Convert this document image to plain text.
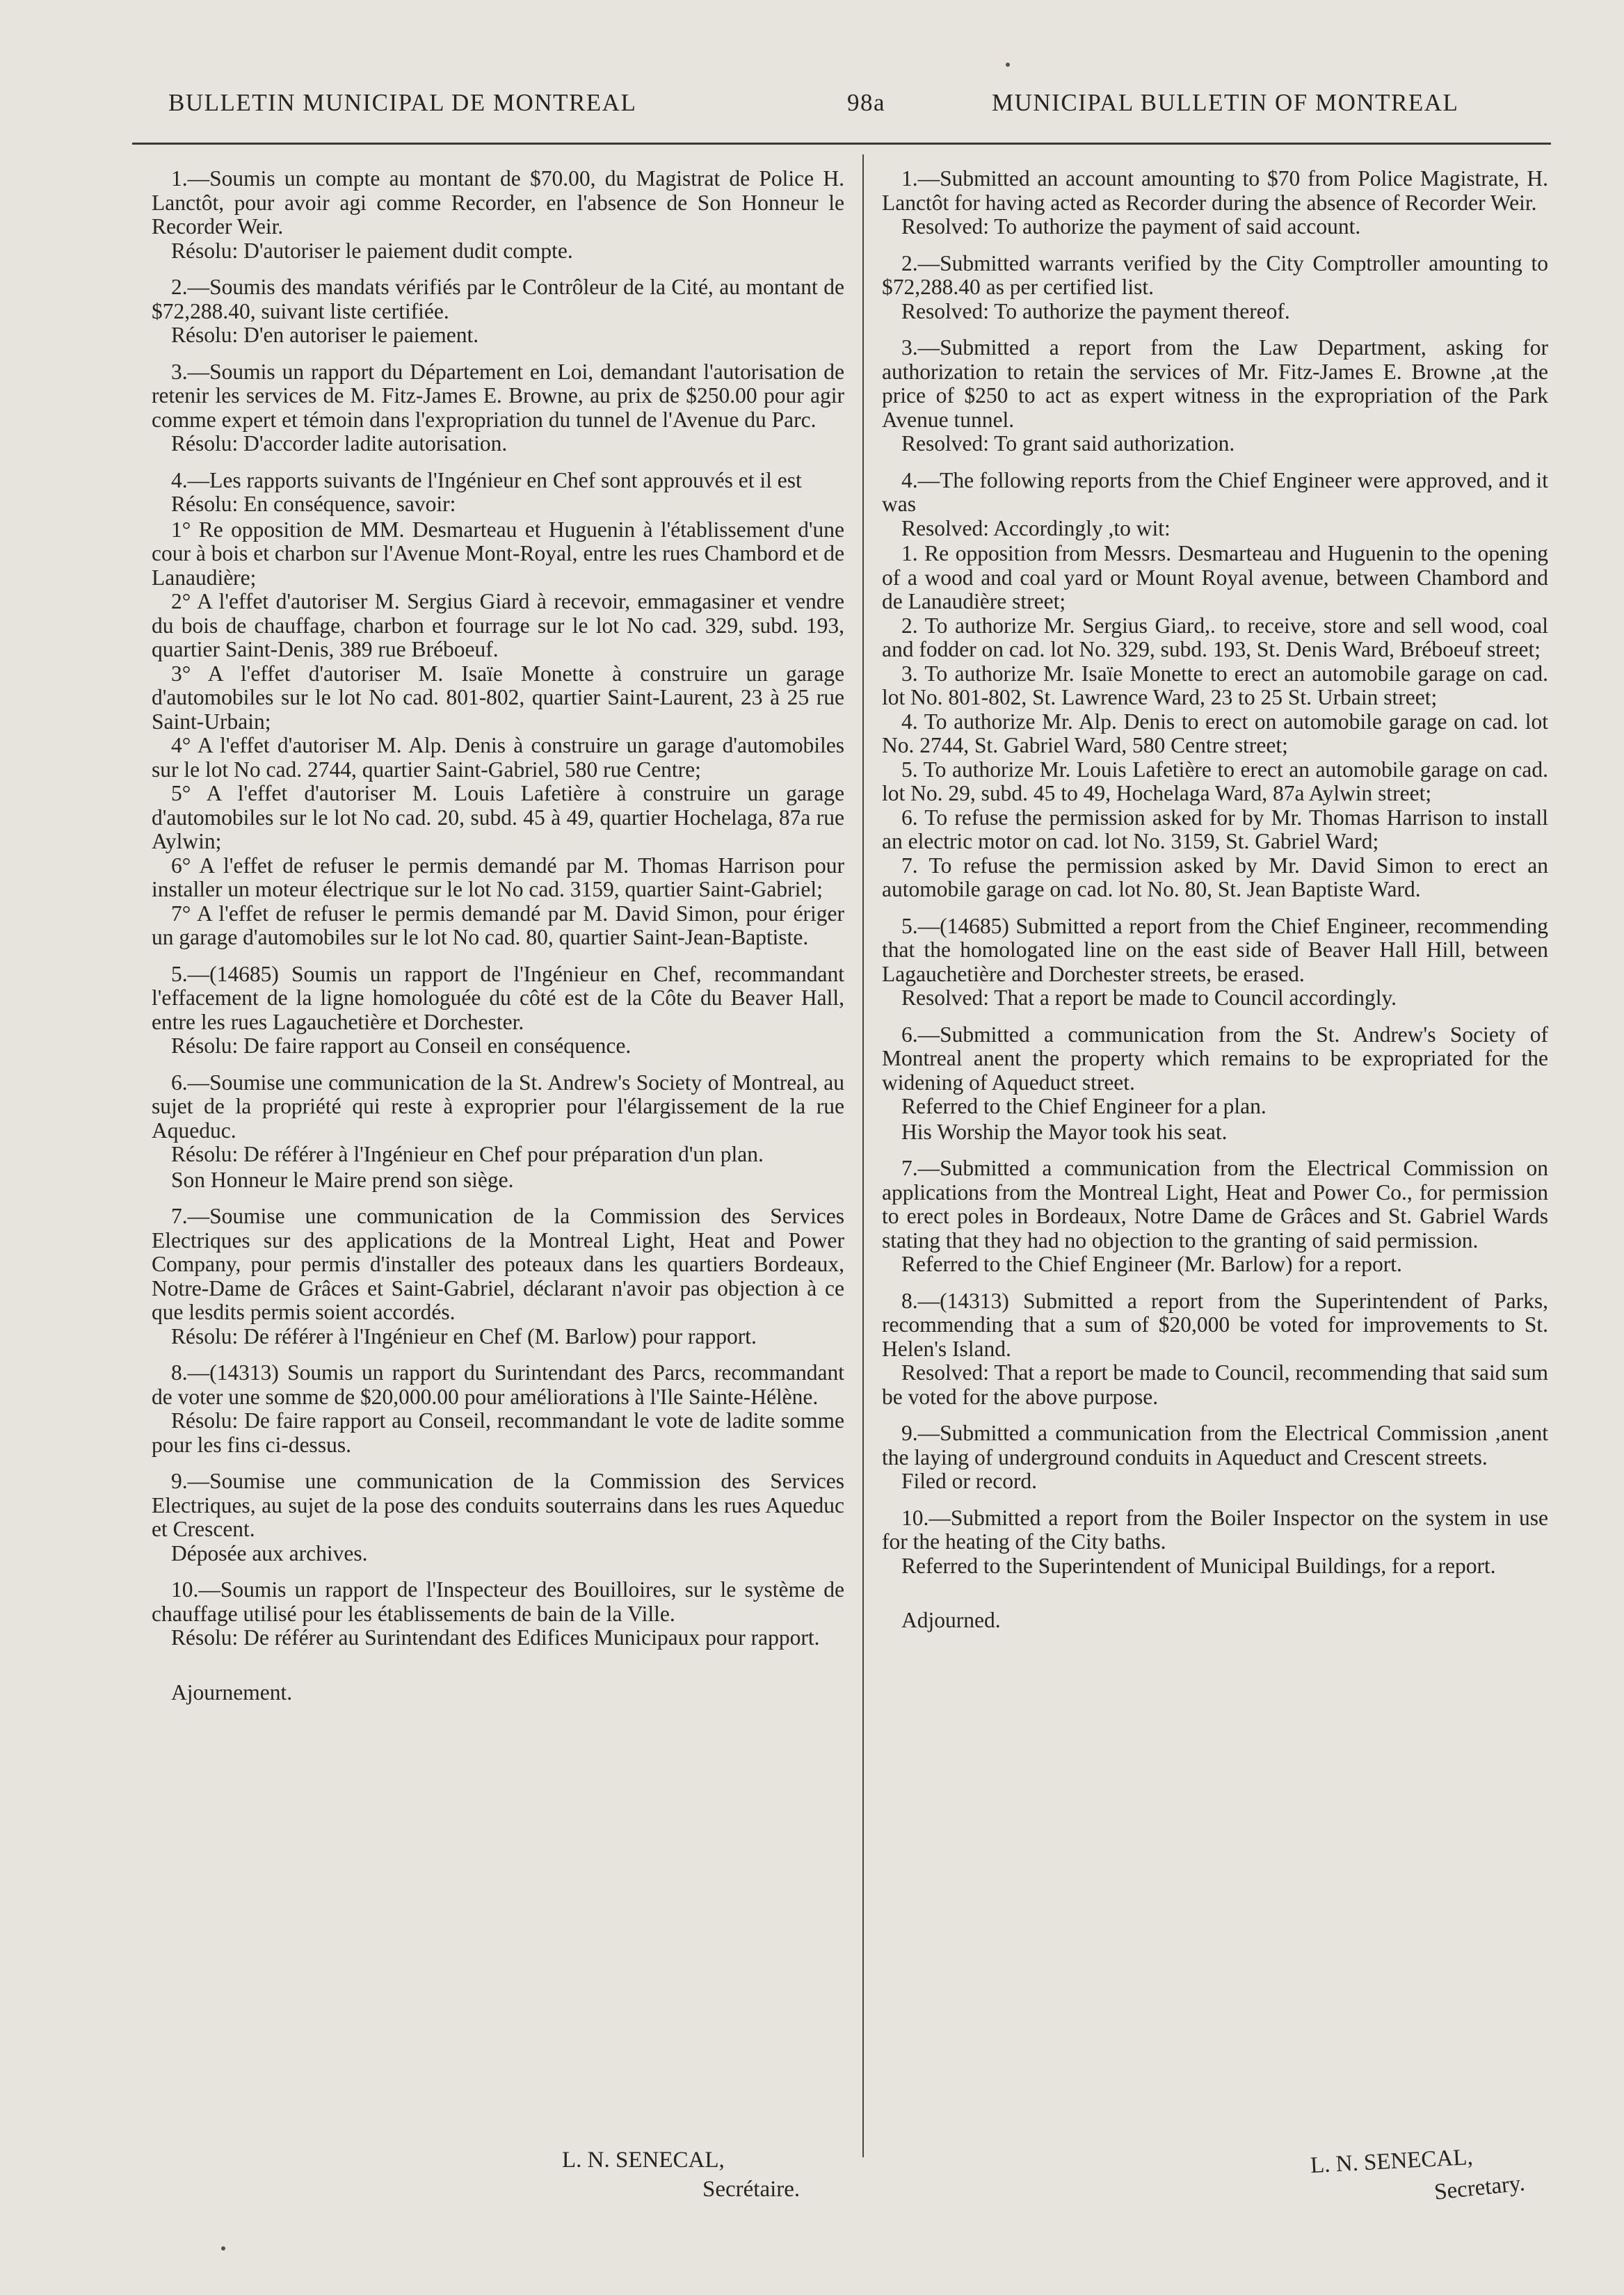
BULLETIN MUNICIPAL DE MONTREAL	98a	MUNICIPAL BULLETIN OF MONTREAL

1.—Soumis un compte au montant de $70.00, du Magistrat de Police H. Lanctôt, pour avoir agi comme Recorder, en l'absence de Son Honneur le Recorder Weir.

Résolu: D'autoriser le paiement dudit compte.

2.—Soumis des mandats vérifiés par le Contrôleur de la Cité, au montant de $72,288.40, suivant liste certifiée.

Résolu: D'en autoriser le paiement.

3.—Soumis un rapport du Département en Loi, demandant l'autorisation de retenir les services de M. Fitz-James E. Browne, au prix de $250.00 pour agir comme expert et témoin dans l'expropriation du tunnel de l'Avenue du Parc.

Résolu: D'accorder ladite autorisation.

4.—Les rapports suivants de l'Ingénieur en Chef sont approuvés et il est

Résolu: En conséquence, savoir:

1° Re opposition de MM. Desmarteau et Huguenin à l'établissement d'une cour à bois et charbon sur l'Avenue Mont-Royal, entre les rues Chambord et de Lanaudière;

2° A l'effet d'autoriser M. Sergius Giard à recevoir, emmagasiner et vendre du bois de chauffage, charbon et fourrage sur le lot No cad. 329, subd. 193, quartier Saint-Denis, 389 rue Bréboeuf.

3° A l'effet d'autoriser M. Isaïe Monette à construire un garage d'automobiles sur le lot No cad. 801-802, quartier Saint-Laurent, 23 à 25 rue Saint-Urbain;

4° A l'effet d'autoriser M. Alp. Denis à construire un garage d'automobiles sur le lot No cad. 2744, quartier Saint-Gabriel, 580 rue Centre;

5° A l'effet d'autoriser M. Louis Lafetière à construire un garage d'automobiles sur le lot No cad. 20, subd. 45 à 49, quartier Hochelaga, 87a rue Aylwin;

6° A l'effet de refuser le permis demandé par M. Thomas Harrison pour installer un moteur électrique sur le lot No cad. 3159, quartier Saint-Gabriel;

7° A l'effet de refuser le permis demandé par M. David Simon, pour ériger un garage d'automobiles sur le lot No cad. 80, quartier Saint-Jean-Baptiste.

5.—(14685) Soumis un rapport de l'Ingénieur en Chef, recommandant l'effacement de la ligne homologuée du côté est de la Côte du Beaver Hall, entre les rues Lagauchetière et Dorchester.

Résolu: De faire rapport au Conseil en conséquence.

6.—Soumise une communication de la St. Andrew's Society of Montreal, au sujet de la propriété qui reste à exproprier pour l'élargissement de la rue Aqueduc.

Résolu: De référer à l'Ingénieur en Chef pour préparation d'un plan.

Son Honneur le Maire prend son siège.

7.—Soumise une communication de la Commission des Services Electriques sur des applications de la Montreal Light, Heat and Power Company, pour permis d'installer des poteaux dans les quartiers Bordeaux, Notre-Dame de Grâces et Saint-Gabriel, déclarant n'avoir pas objection à ce que lesdits permis soient accordés.

Résolu: De référer à l'Ingénieur en Chef (M. Barlow) pour rapport.

8.—(14313) Soumis un rapport du Surintendant des Parcs, recommandant de voter une somme de $20,000.00 pour améliorations à l'Ile Sainte-Hélène.

Résolu: De faire rapport au Conseil, recommandant le vote de ladite somme pour les fins ci-dessus.

9.—Soumise une communication de la Commission des Services Electriques, au sujet de la pose des conduits souterrains dans les rues Aqueduc et Crescent.

Déposée aux archives.

10.—Soumis un rapport de l'Inspecteur des Bouilloires, sur le système de chauffage utilisé pour les établissements de bain de la Ville.

Résolu: De référer au Surintendant des Edifices Municipaux pour rapport.

Ajournement.

1.—Submitted an account amounting to $70 from Police Magistrate, H. Lanctôt for having acted as Recorder during the absence of Recorder Weir.

Resolved: To authorize the payment of said account.

2.—Submitted warrants verified by the City Comptroller amounting to $72,288.40 as per certified list.

Resolved: To authorize the payment thereof.

3.—Submitted a report from the Law Department, asking for authorization to retain the services of Mr. Fitz-James E. Browne ,at the price of $250 to act as expert witness in the expropriation of the Park Avenue tunnel.

Resolved: To grant said authorization.

4.—The following reports from the Chief Engineer were approved, and it was

Resolved: Accordingly ,to wit:

1. Re opposition from Messrs. Desmarteau and Huguenin to the opening of a wood and coal yard or Mount Royal avenue, between Chambord and de Lanaudière street;

2. To authorize Mr. Sergius Giard,. to receive, store and sell wood, coal and fodder on cad. lot No. 329, subd. 193, St. Denis Ward, Bréboeuf street;

3. To authorize Mr. Isaïe Monette to erect an automobile garage on cad. lot No. 801-802, St. Lawrence Ward, 23 to 25 St. Urbain street;

4. To authorize Mr. Alp. Denis to erect on automobile garage on cad. lot No. 2744, St. Gabriel Ward, 580 Centre street;

5. To authorize Mr. Louis Lafetière to erect an automobile garage on cad. lot No. 29, subd. 45 to 49, Hochelaga Ward, 87a Aylwin street;

6. To refuse the permission asked for by Mr. Thomas Harrison to install an electric motor on cad. lot No. 3159, St. Gabriel Ward;

7. To refuse the permission asked by Mr. David Simon to erect an automobile garage on cad. lot No. 80, St. Jean Baptiste Ward.

5.—(14685) Submitted a report from the Chief Engineer, recommending that the homologated line on the east side of Beaver Hall Hill, between Lagauchetière and Dorchester streets, be erased.

Resolved: That a report be made to Council accordingly.

6.—Submitted a communication from the St. Andrew's Society of Montreal anent the property which remains to be expropriated for the widening of Aqueduct street.

Referred to the Chief Engineer for a plan.

His Worship the Mayor took his seat.

7.—Submitted a communication from the Electrical Commission on applications from the Montreal Light, Heat and Power Co., for permission to erect poles in Bordeaux, Notre Dame de Grâces and St. Gabriel Wards stating that they had no objection to the granting of said permission.

Referred to the Chief Engineer (Mr. Barlow) for a report.

8.—(14313) Submitted a report from the Superintendent of Parks, recommending that a sum of $20,000 be voted for improvements to St. Helen's Island.

Resolved: That a report be made to Council, recommending that said sum be voted for the above purpose.

9.—Submitted a communication from the Electrical Commission ,anent the laying of underground conduits in Aqueduct and Crescent streets.

Filed or record.

10.—Submitted a report from the Boiler Inspector on the system in use for the heating of the City baths.

Referred to the Superintendent of Municipal Buildings, for a report.

Adjourned.

L. N. SENECAL,
Secrétaire.
L. N. SENECAL,
Secretary.
